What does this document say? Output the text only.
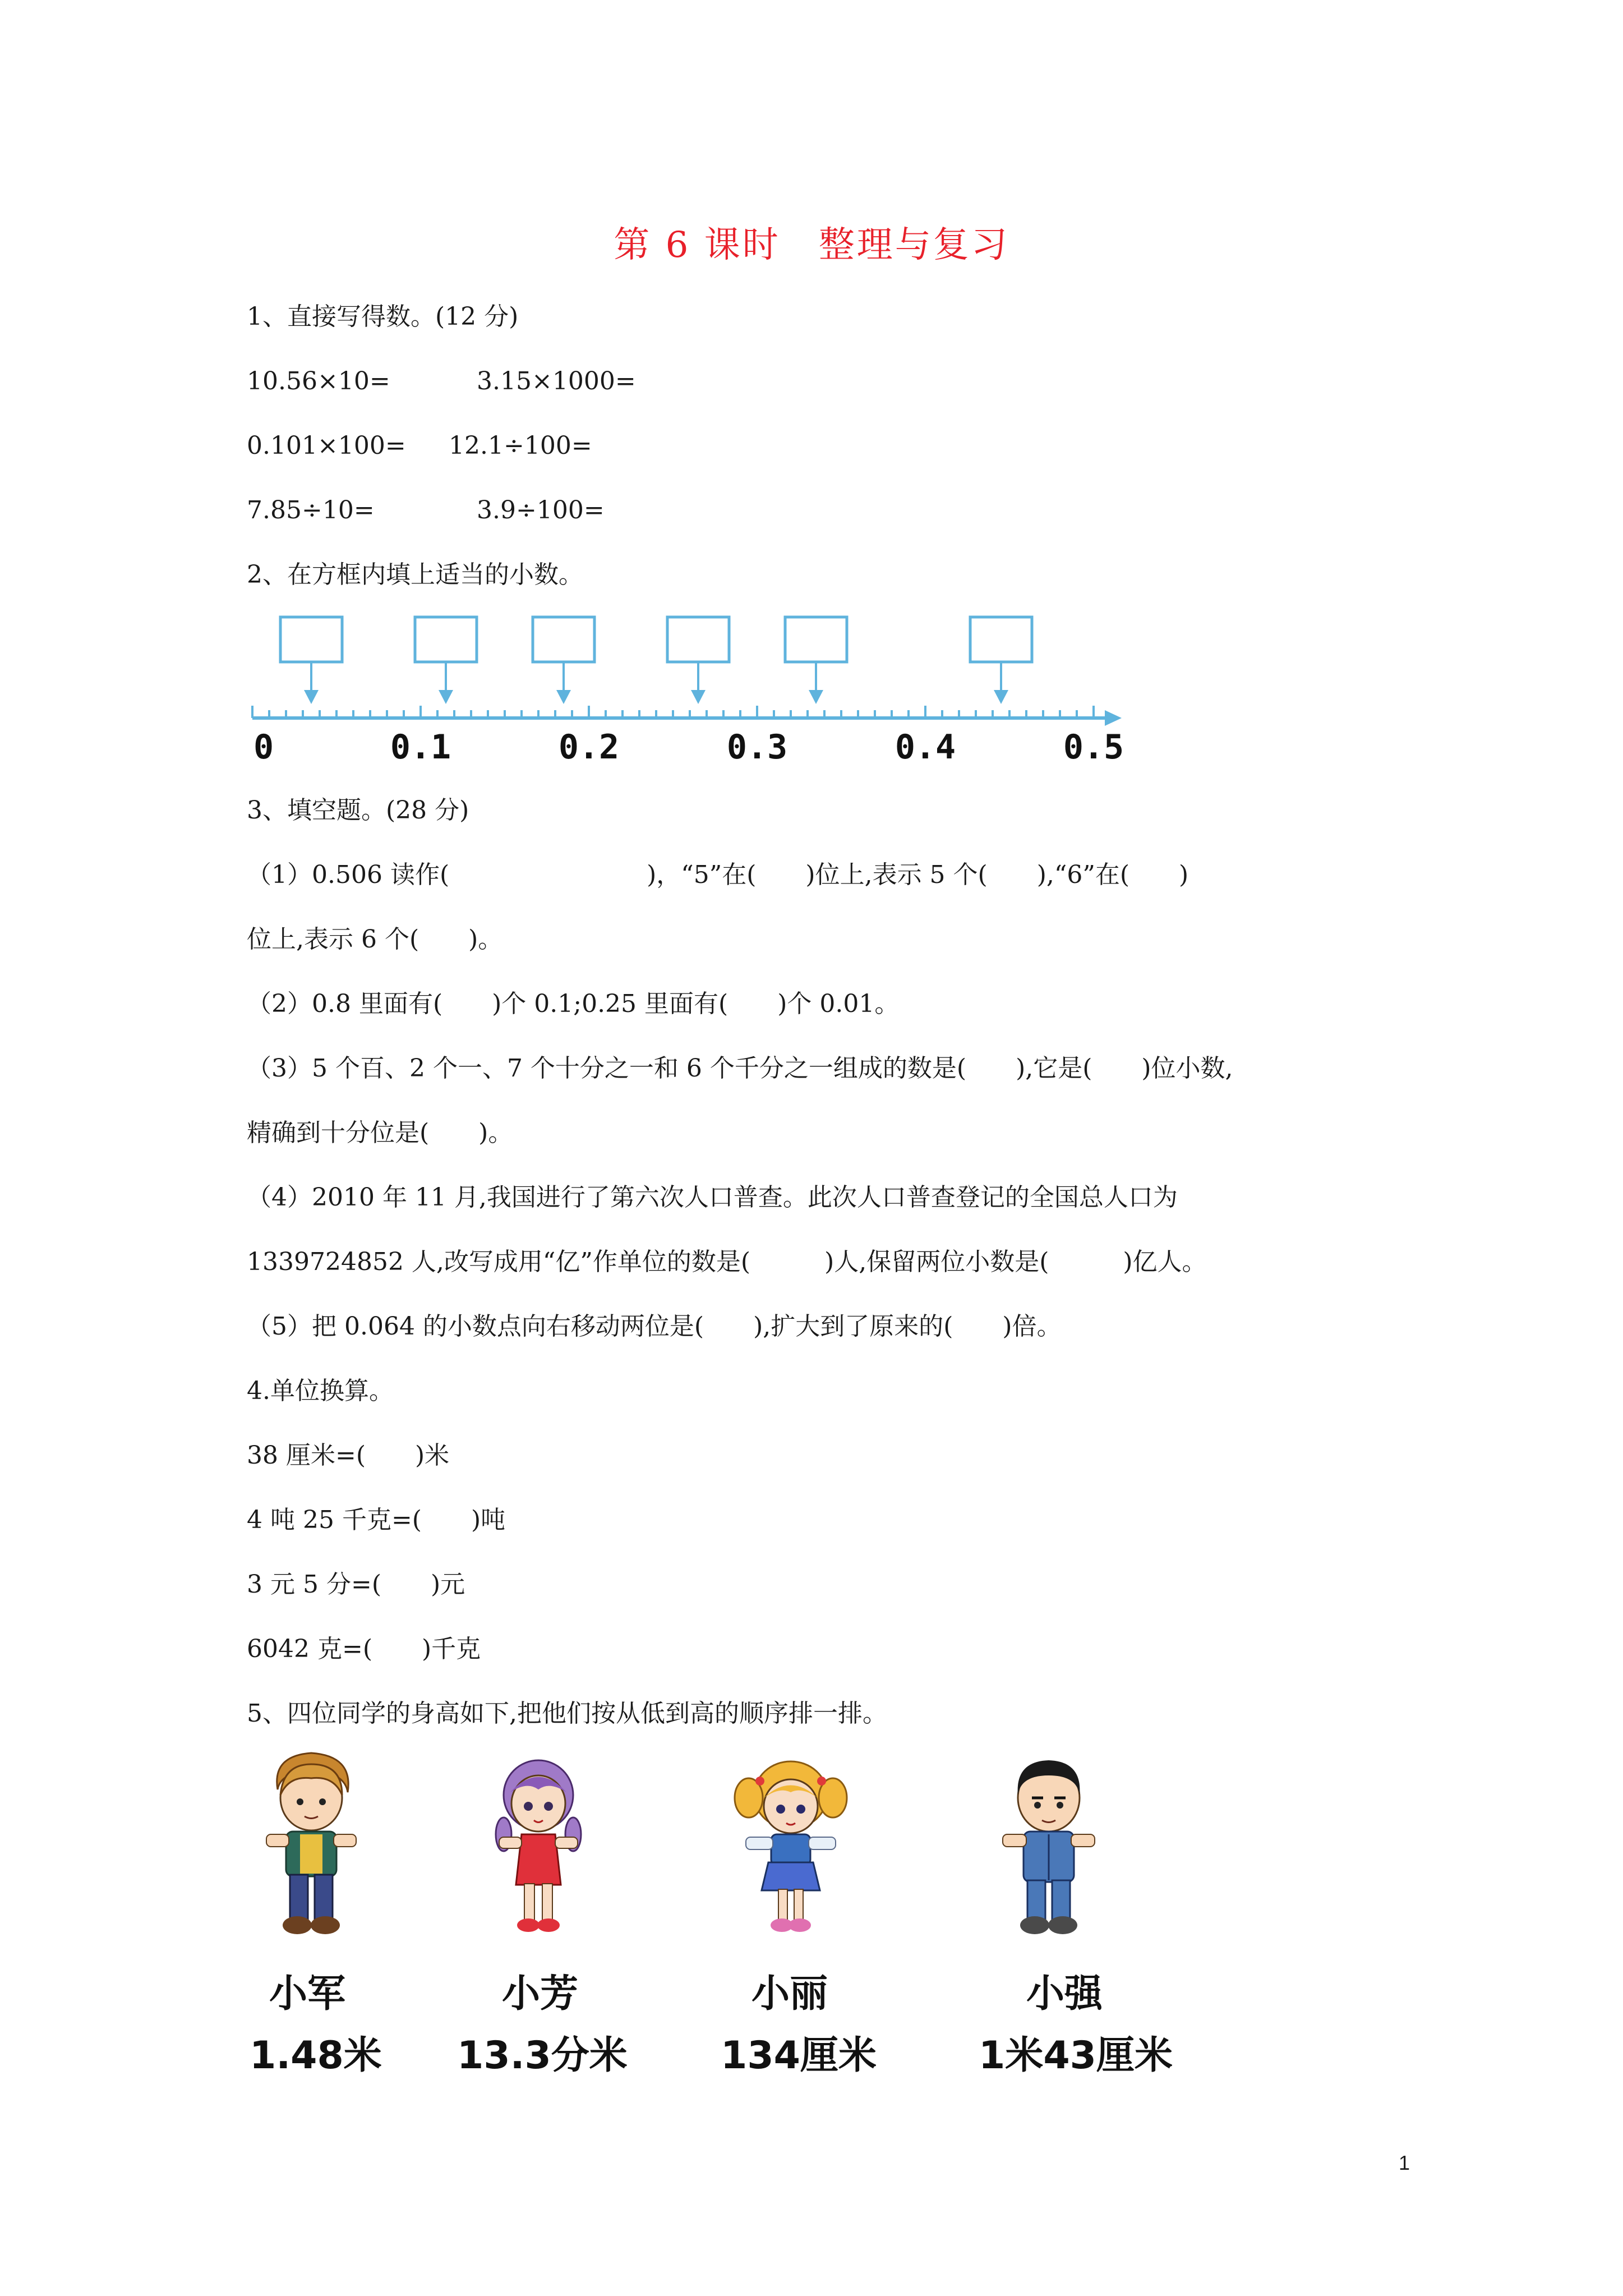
第 6 课时　整理与复习
1、直接写得数。(12 分)
10.56×10=	3.15×1000=
0.101×100= 12.1÷100=
7.85÷10=	3.9÷100=
2、在方框内填上适当的小数。
0	0.1	0.2	0.3	0.4	0.5
3、填空题。(28 分)
（1）0.506 读作(　　　　　　　　)，“5”在(　　)位上,表示 5 个(　　),“6”在(　　)
位上,表示 6 个(　　)。
（2）0.8 里面有(　　)个 0.1;0.25 里面有(　　)个 0.01。
（3）5 个百、2 个一、7 个十分之一和 6 个千分之一组成的数是(　　),它是(　　)位小数,
精确到十分位是(　　)。
（4）2010 年 11 月,我国进行了第六次人口普查。此次人口普查登记的全国总人口为
1339724852 人,改写成用“亿”作单位的数是(　　　)人,保留两位小数是(　　　)亿人。
（5）把 0.064 的小数点向右移动两位是(　　),扩大到了原来的(　　)倍。
4.单位换算。
38 厘米=(　　)米
4 吨 25 千克=(　　)吨
3 元 5 分=(　　)元
6042 克=(　　)千克
5、四位同学的身高如下,把他们按从低到高的顺序排一排。
小军	小芳	小丽	小强
1.48米 13.3分米 134厘米	1米43厘米
1
